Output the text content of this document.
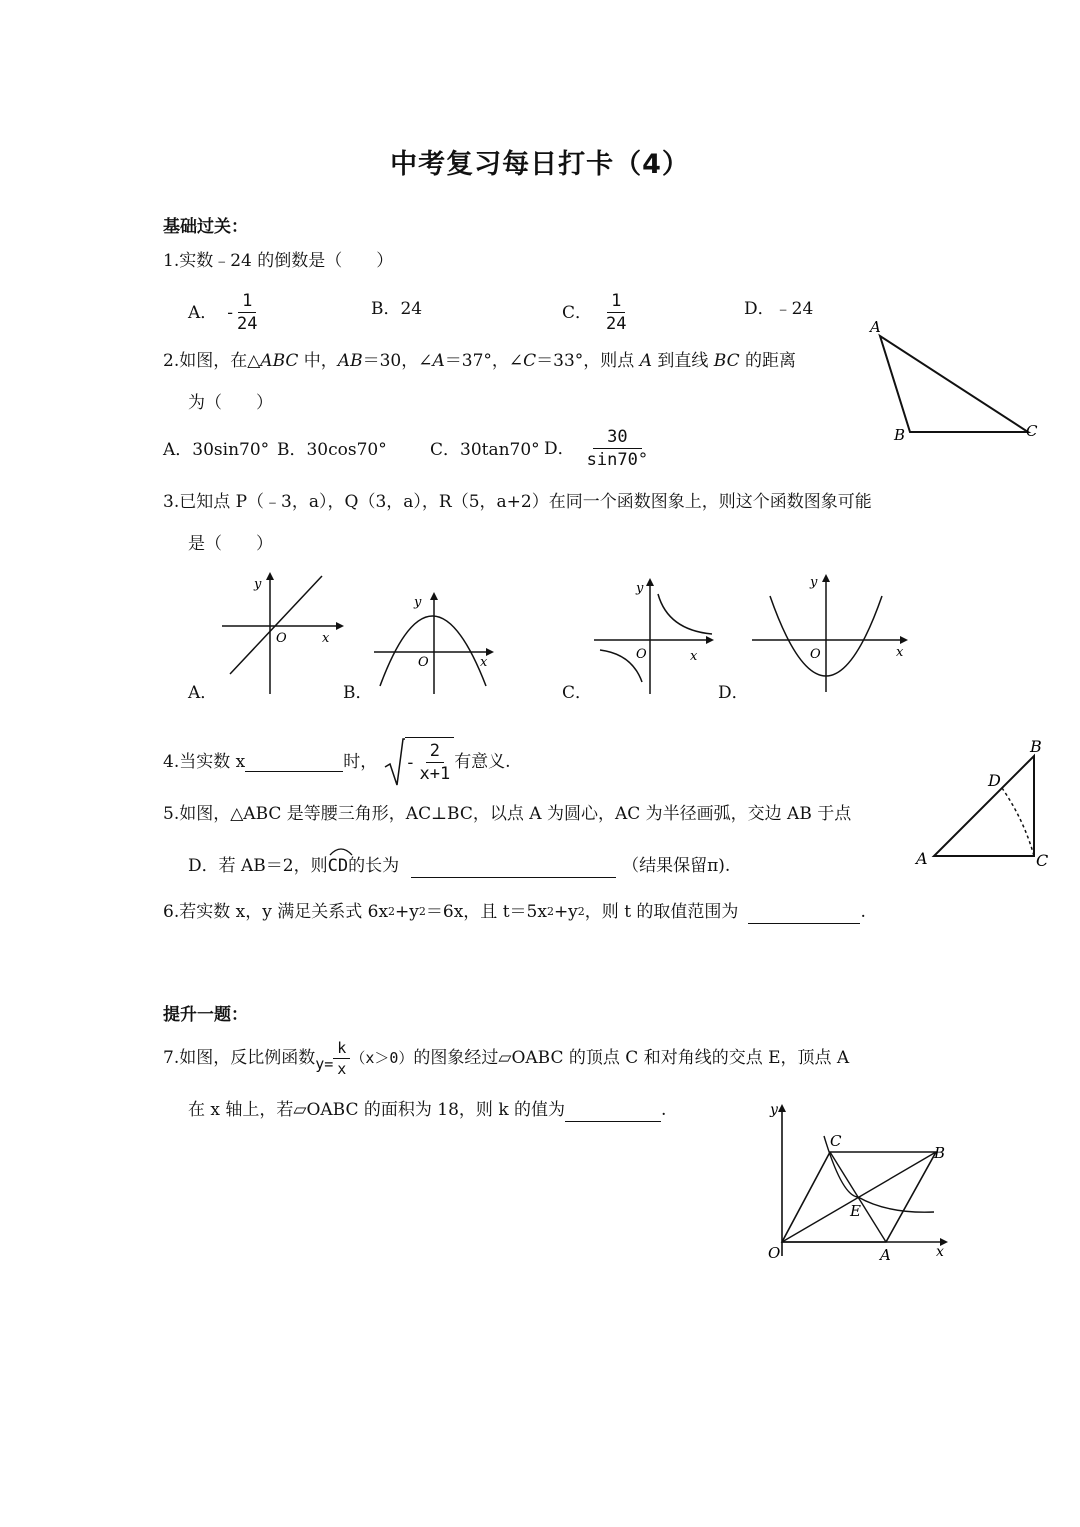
中考复习每日打卡（4）
基础过关：
1.实数﹣24 的倒数是（　　）
A． - $\frac{1}{24}$	B．24	C． $\frac{1}{24}$	D．﹣24
2.如图，在△ABC 中，AB＝30，∠A＝37°，∠C＝33°，则点 A 到直线 BC 的距离
为（　　）
A．30sin70° B．30cos70°	C．30tan70° D． $\frac{30}{\sin 70^\circ}$
A
B	C
3.已知点 P（﹣3，a），Q（3，a），R（5，a+2）在同一个函数图象上，则这个函数图象可能
是（　　）
A．	B．	C．	D．
y
O	x
y
O	x
y
O	x
y
O	x
4.当实数 x	时， - $\frac{2}{x+1}$ 有意义.
5.如图，△ABC 是等腰三角形，AC⊥BC，以点 A 为圆心，AC 为半径画弧，交边 AB 于点
D．若 AB＝2，则 CD 的长为	（结果保留π).	A
B
C
D
6.若实数 x，y 满足关系式 6x 2 +y 2 ＝6x，且 t＝5x 2 +y 2 ，则 t 的取值范围为	.
提升一题：
7.如图，反比例函数 $y= \frac{k}{x} (x>0)$ 的图象经过▱OABC 的顶点 C 和对角线的交点 E，顶点 A
在 x 轴上，若▱OABC 的面积为 18，则 k 的值为	.
O	A
B
C
E
x
y
